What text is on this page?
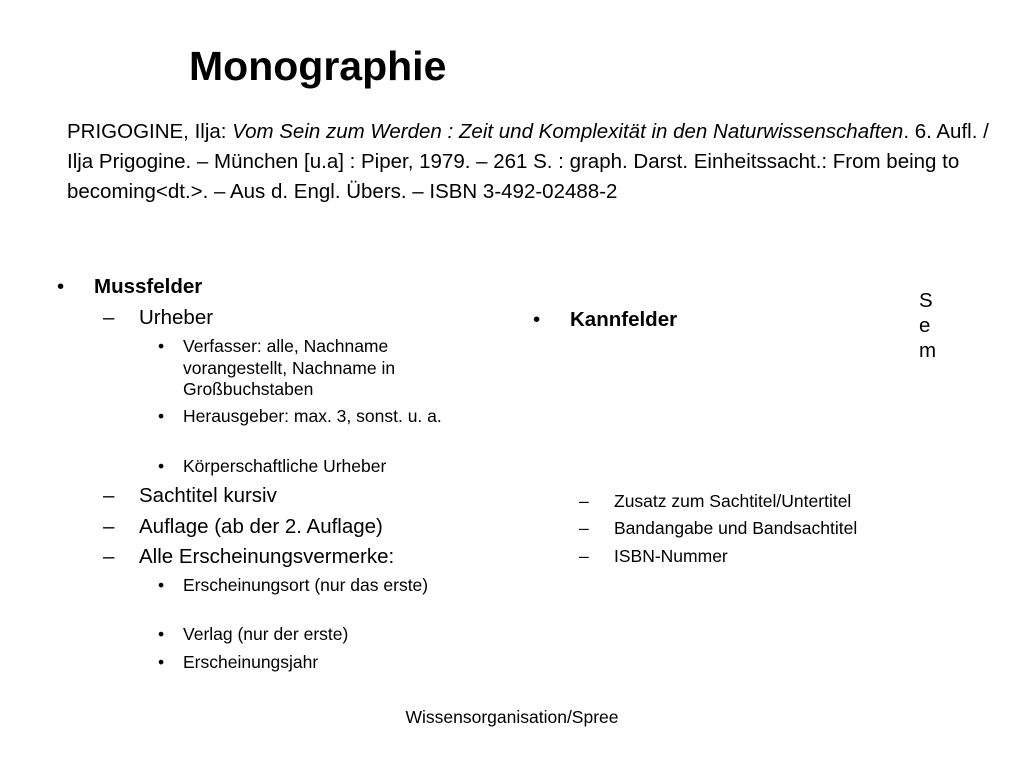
Monographie
PRIGOGINE, Ilja: Vom Sein zum Werden : Zeit und Komplexität in den Naturwissenschaften. 6. Aufl. / Ilja Prigogine. – München [u.a] : Piper, 1979. – 261 S. : graph. Darst. Einheitssacht.: From being to becoming<dt.>. – Aus d. Engl. Übers. – ISBN 3-492-02488-2
• Mussfelder
– Urheber
• Verfasser: alle, Nachname vorangestellt, Nachname in Großbuchstaben
• Herausgeber: max. 3, sonst. u. a.
• Körperschaftliche Urheber
– Sachtitel kursiv
– Auflage (ab der 2. Auflage)
– Alle Erscheinungsvermerke:
• Erscheinungsort (nur das erste)
• Verlag (nur der erste)
• Erscheinungsjahr
• Kannfelder
Sem
– Zusatz zum Sachtitel/Untertitel
– Bandangabe und Bandsachtitel
– ISBN-Nummer
Wissensorganisation/Spree
